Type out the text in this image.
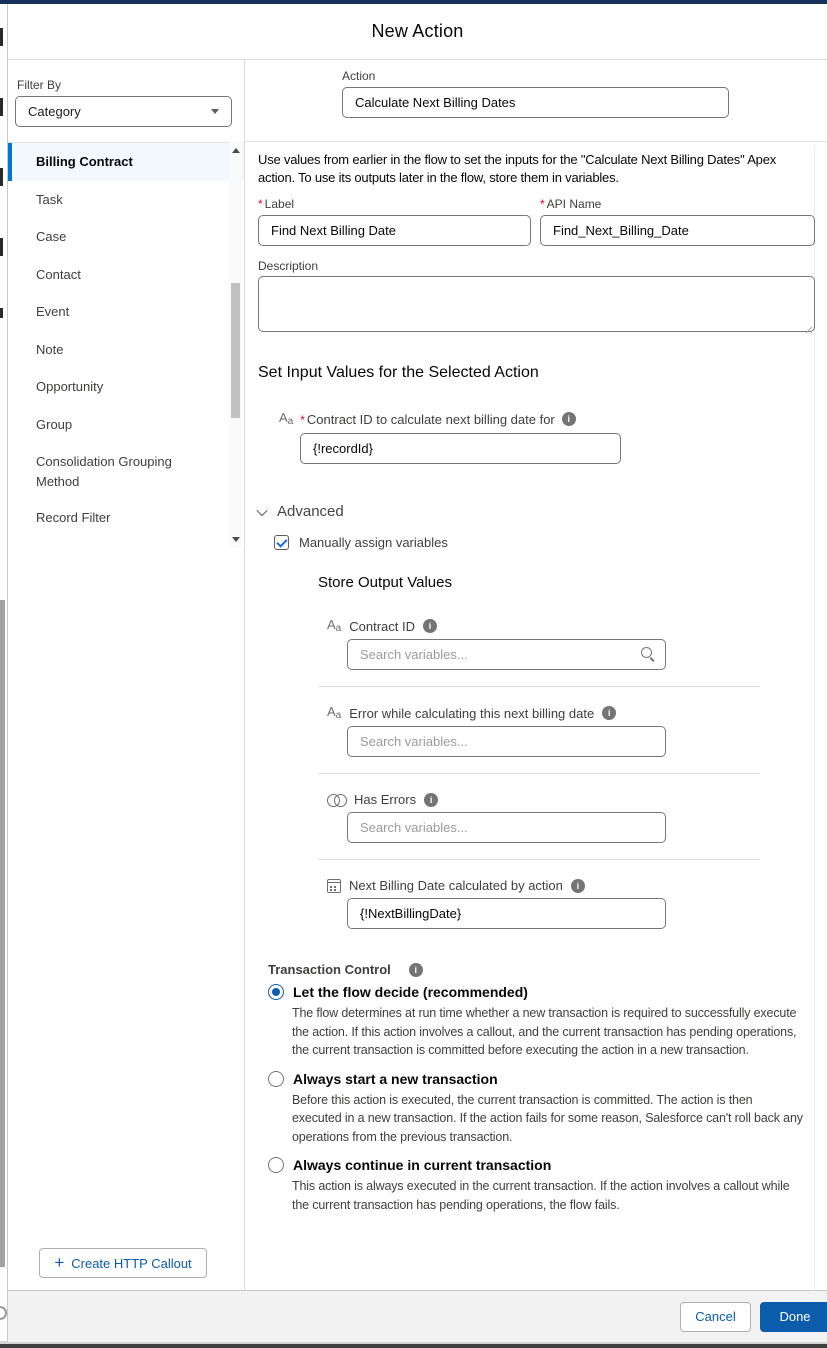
New Action
Filter By
Category
Billing Contract
Task
Case
Contact
Event
Note
Opportunity
Group
Consolidation Grouping Method
Record Filter
+ Create HTTP Callout
Action
Calculate Next Billing Dates
Use values from earlier in the flow to set the inputs for the "Calculate Next Billing Dates" Apex action. To use its outputs later in the flow, store them in variables.
* Label
Find Next Billing Date	* API Name
Find_Next_Billing_Date
Description
Set Input Values for the Selected Action
$A_a$ * Contract ID to calculate next billing date for	i
{!recordId}
Advanced
Manually assign variables
Store Output Values
$A_a$ Contract ID	i
Search variables...
$A_a$ Error while calculating this next billing date	i
Search variables...
Has Errors	i
Search variables...
Next Billing Date calculated by action	i
{!NextBillingDate}
Transaction Control	i
Let the flow decide (recommended)
The flow determines at run time whether a new transaction is required to successfully execute the action. If this action involves a callout, and the current transaction has pending operations, the current transaction is committed before executing the action in a new transaction.
Always start a new transaction
Before this action is executed, the current transaction is committed. The action is then executed in a new transaction. If the action fails for some reason, Salesforce can't roll back any operations from the previous transaction.
Always continue in current transaction
This action is always executed in the current transaction. If the action involves a callout while the current transaction has pending operations, the flow fails.
Cancel	Done
